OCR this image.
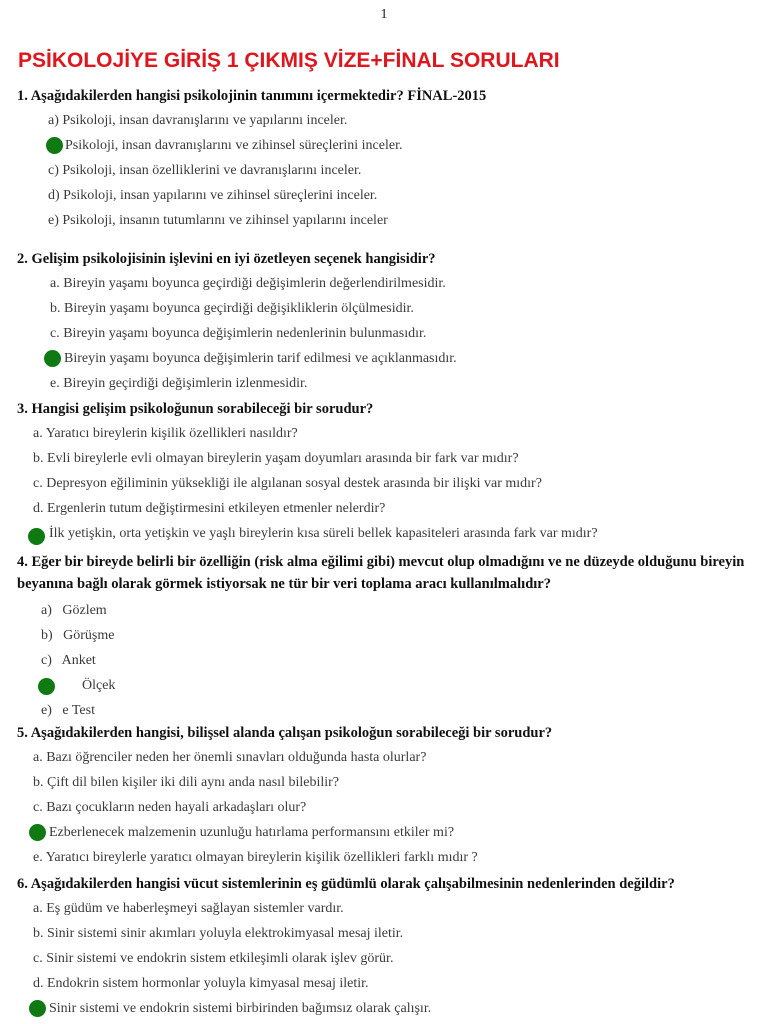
1
PSİKOLOJİYE GİRİŞ 1 ÇIKMIŞ VİZE+FİNAL SORULARI
1. Aşağıdakilerden hangisi psikolojinin tanımını içermektedir? FİNAL-2015
a) Psikoloji, insan davranışlarını ve yapılarını inceler.
Psikoloji, insan davranışlarını ve zihinsel süreçlerini inceler.
c) Psikoloji, insan özelliklerini ve davranışlarını inceler.
d) Psikoloji, insan yapılarını ve zihinsel süreçlerini inceler.
e) Psikoloji, insanın tutumlarını ve zihinsel yapılarını inceler
2. Gelişim psikolojisinin işlevini en iyi özetleyen seçenek hangisidir?
a. Bireyin yaşamı boyunca geçirdiği değişimlerin değerlendirilmesidir.
b. Bireyin yaşamı boyunca geçirdiği değişikliklerin ölçülmesidir.
c. Bireyin yaşamı boyunca değişimlerin nedenlerinin bulunmasıdır.
Bireyin yaşamı boyunca değişimlerin tarif edilmesi ve açıklanmasıdır.
e. Bireyin geçirdiği değişimlerin izlenmesidir.
3. Hangisi gelişim psikoloğunun sorabileceği bir sorudur?
a. Yaratıcı bireylerin kişilik özellikleri nasıldır?
b. Evli bireylerle evli olmayan bireylerin yaşam doyumları arasında bir fark var mıdır?
c. Depresyon eğiliminin yüksekliği ile algılanan sosyal destek arasında bir ilişki var mıdır?
d. Ergenlerin tutum değiştirmesini etkileyen etmenler nelerdir?
İlk yetişkin, orta yetişkin ve yaşlı bireylerin kısa süreli bellek kapasiteleri arasında fark var mıdır?
4. Eğer bir bireyde belirli bir özelliğin (risk alma eğilimi gibi) mevcut olup olmadığını ve ne düzeyde olduğunu bireyin beyanına bağlı olarak görmek istiyorsak ne tür bir veri toplama aracı kullanılmalıdır?
a)   Gözlem
b)   Görüşme
c)   Anket
Ölçek
e)   e Test
5. Aşağıdakilerden hangisi, bilişsel alanda çalışan psikoloğun sorabileceği bir sorudur?
a. Bazı öğrenciler neden her önemli sınavları olduğunda hasta olurlar?
b. Çift dil bilen kişiler iki dili aynı anda nasıl bilebilir?
c. Bazı çocukların neden hayali arkadaşları olur?
Ezberlenecek malzemenin uzunluğu hatırlama performansını etkiler mi?
e. Yaratıcı bireylerle yaratıcı olmayan bireylerin kişilik özellikleri farklı mıdır ?
6. Aşağıdakilerden hangisi vücut sistemlerinin eş güdümlü olarak çalışabilmesinin nedenlerinden değildir?
a. Eş güdüm ve haberleşmeyi sağlayan sistemler vardır.
b. Sinir sistemi sinir akımları yoluyla elektrokimyasal mesaj iletir.
c. Sinir sistemi ve endokrin sistem etkileşimli olarak işlev görür.
d. Endokrin sistem hormonlar yoluyla kimyasal mesaj iletir.
Sinir sistemi ve endokrin sistemi birbirinden bağımsız olarak çalışır.
